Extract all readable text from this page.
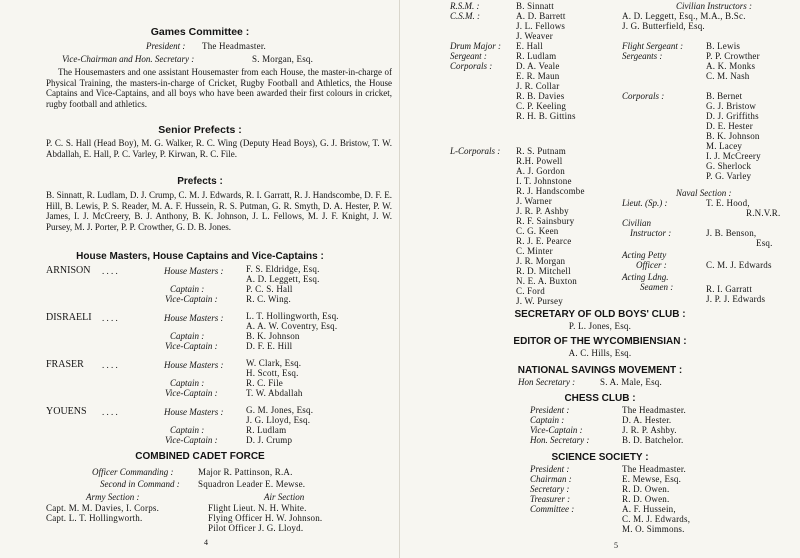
Games Committee :
President : The Headmaster.
Vice-Chairman and Hon. Secretary :	S. Morgan, Esq.

The Housemasters and one assistant Housemaster from each House, the master-in-charge of Physical Training, the masters-in-charge of Cricket, Rugby Football and Athletics, the House Captains and Vice-Captains, and all boys who have been awarded their first colours in cricket, rugby football and athletics.

Senior Prefects :

P. C. S. Hall (Head Boy), M. G. Walker, R. C. Wing (Deputy Head Boys), G. J. Bristow, T. W. Abdallah, E. Hall, P. C. Varley, P. Kirwan, R. C. File.

Prefects :

B. Sinnatt, R. Ludlam, D. J. Crump, C. M. J. Edwards, R. I. Garratt, R. J. Handscombe, D. F. E. Hill, B. Lewis, P. S. Reader, M. A. F. Hussein, R. S. Putman, G. R. Smyth, D. A. Hester, P. W. James, I. J. McCreery, B. J. Anthony, B. K. Johnson, J. L. Fellows, M. J. F. Knight, J. W. Pursey, M. J. Porter, P. P. Crowther, G. D. B. Jones.

House Masters, House Captains and Vice-Captains :
ARNISON . . . .	House Masters :	F. S. Eldridge, Esq.
A. D. Leggett, Esq.
Captain :	P. C. S. Hall
Vice-Captain :	R. C. Wing.
DISRAELI . . . .	House Masters :	L. T. Hollingworth, Esq.
A. A. W. Coventry, Esq.
Captain :	B. K. Johnson
Vice-Captain :	D. F. E. Hill
FRASER . . . .	House Masters :	W. Clark, Esq.
H. Scott, Esq.
Captain :	R. C. File
Vice-Captain :	T. W. Abdallah
YOUENS . . . .	House Masters :	G. M. Jones, Esq.
J. G. Lloyd, Esq.
Captain :	R. Ludlam
Vice-Captain :	D. J. Crump
COMBINED CADET FORCE
Officer Commanding :	Major R. Pattinson, R.A.
Second in Command : Squadron Leader E. Mewse.
Army Section :
Capt. M. M. Davies, I. Corps.
Capt. L. T. Hollingworth.
Air Section
Flight Lieut. N. H. White.
Flying Officer H. W. Johnson.
Pilot Officer J. G. Lloyd.
4
R.S.M. :	B. Sinnatt
C.S.M. :	A. D. Barrett
J. L. Fellows
J. Weaver
Drum Major : E. Hall
Sergeant :	R. Ludlam
Corporals :	D. A. Veale
E. R. Maun
J. R. Collar
R. B. Davies
C. P. Keeling
R. H. B. Gittins
L-Corporals : R. S. Putnam
R.H. Powell
A. J. Gordon
I. T. Johnstone
R. J. Handscombe
J. Warner
J. R. P. Ashby
R. F. Sainsbury
C. G. Keen
R. J. E. Pearce
C. Minter
J. R. Morgan
R. D. Mitchell
N. E. A. Buxton
C. Ford
J. W. Pursey
Civilian Instructors :
A. D. Leggett, Esq., M.A., B.Sc.
J. G. Butterfield, Esq.
Flight Sergeant :	B. Lewis
Sergeants :	P. P. Crowther
A. K. Monks
C. M. Nash
Corporals :	B. Bernet
G. J. Bristow
D. J. Griffiths
D. E. Hester
B. K. Johnson
M. Lacey
I. J. McCreery
G. Sherlock
P. G. Varley
Naval Section :
Lieut. (Sp.) :	T. E. Hood,
R.N.V.R.
Civilian
Instructor :	J. B. Benson,
Esq.
Acting Petty
Officer :	C. M. J. Edwards
Acting Ldng.
Seamen :	R. I. Garratt
J. P. J. Edwards
SECRETARY OF OLD BOYS' CLUB :
P. L. Jones, Esq.
EDITOR OF THE WYCOMBIENSIAN :
A. C. Hills, Esq.
NATIONAL SAVINGS MOVEMENT :
Hon Secretary :	S. A. Male, Esq.
CHESS CLUB :
President :	The Headmaster.
Captain :	D. A. Hester.
Vice-Captain :	J. R. P. Ashby.
Hon. Secretary :	B. D. Batchelor.
SCIENCE SOCIETY :
President :	The Headmaster.
Chairman :	E. Mewse, Esq.
Secretary :	R. D. Owen.
Treasurer :	R. D. Owen.
Committee :	A. F. Hussein,
C. M. J. Edwards,
M. O. Simmons.
5
